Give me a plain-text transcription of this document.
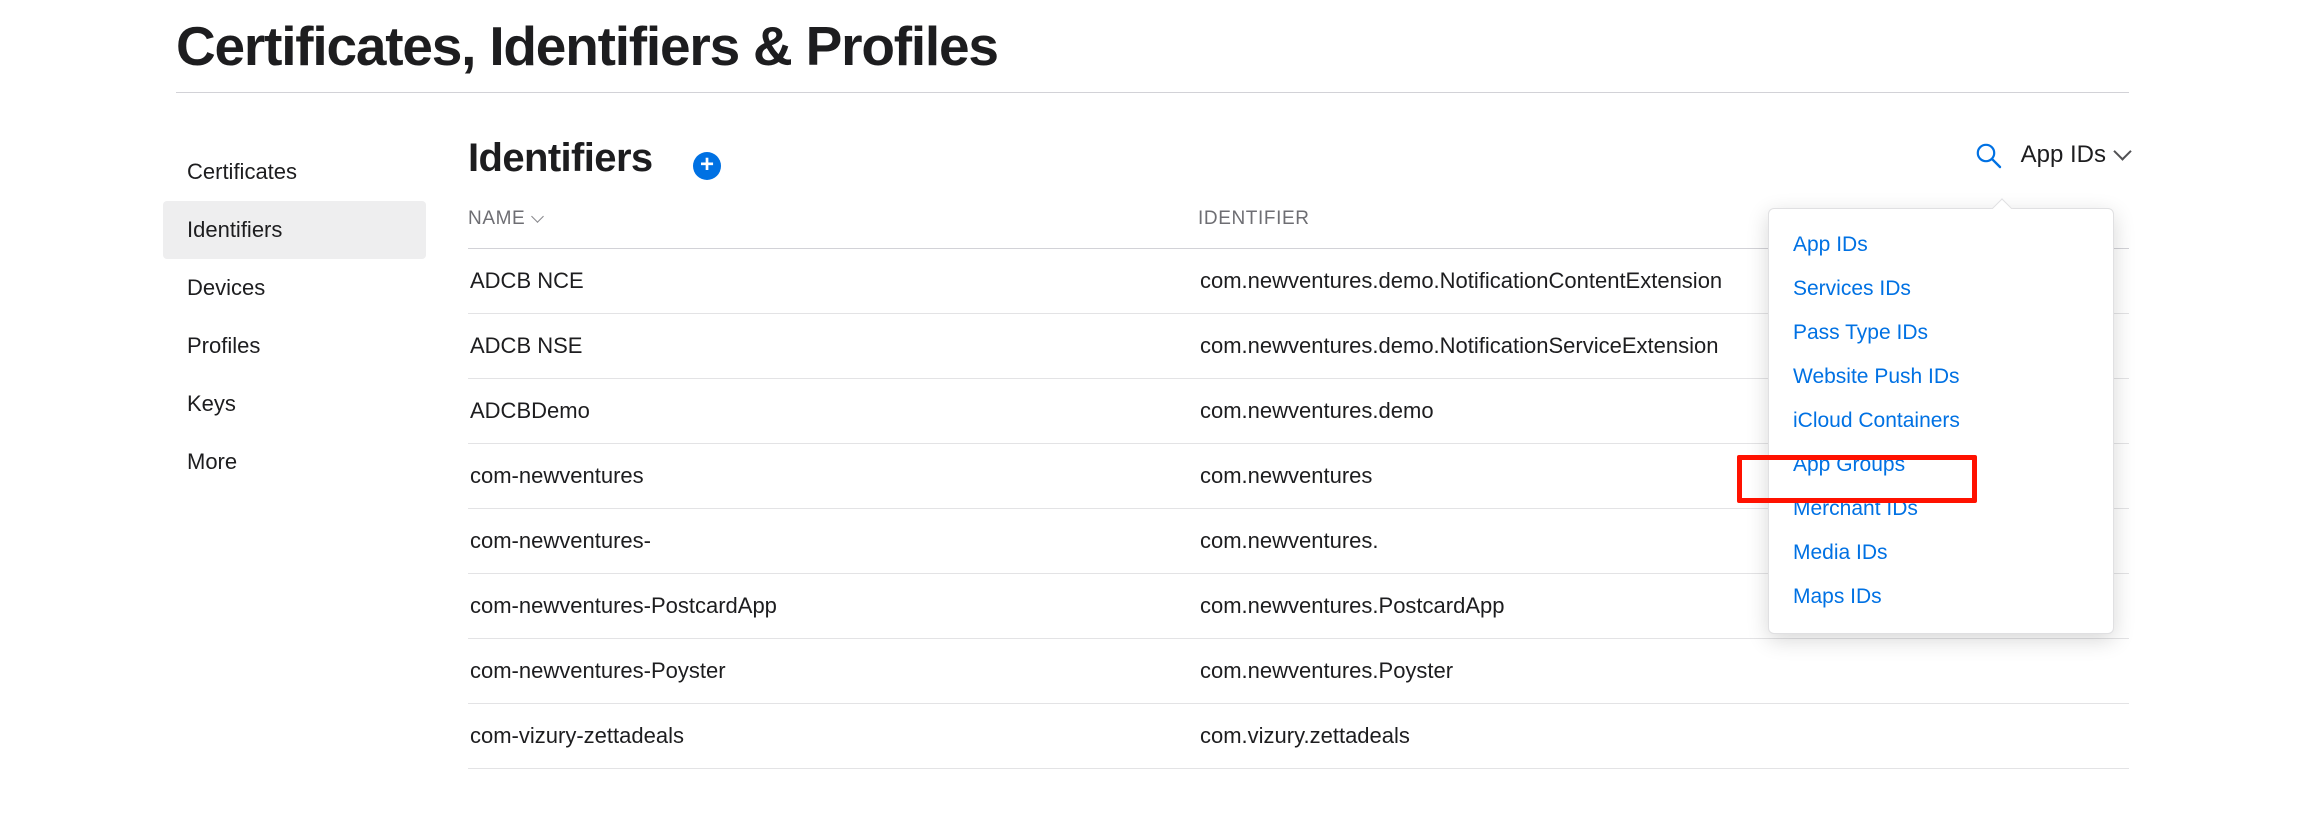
Certificates, Identifiers & Profiles
Certificates
Identifiers
Devices
Profiles
Keys
More
Identifiers +	App IDs
NAME	IDENTIFIER
ADCB NCE	com.newventures.demo.NotificationContentExtension
ADCB NSE	com.newventures.demo.NotificationServiceExtension
ADCBDemo	com.newventures.demo
com-newventures	com.newventures
com-newventures-	com.newventures.
com-newventures-PostcardApp	com.newventures.PostcardApp
com-newventures-Poyster	com.newventures.Poyster
com-vizury-zettadeals	com.vizury.zettadeals
App IDs
Services IDs
Pass Type IDs
Website Push IDs
iCloud Containers
App Groups
Merchant IDs
Media IDs
Maps IDs
